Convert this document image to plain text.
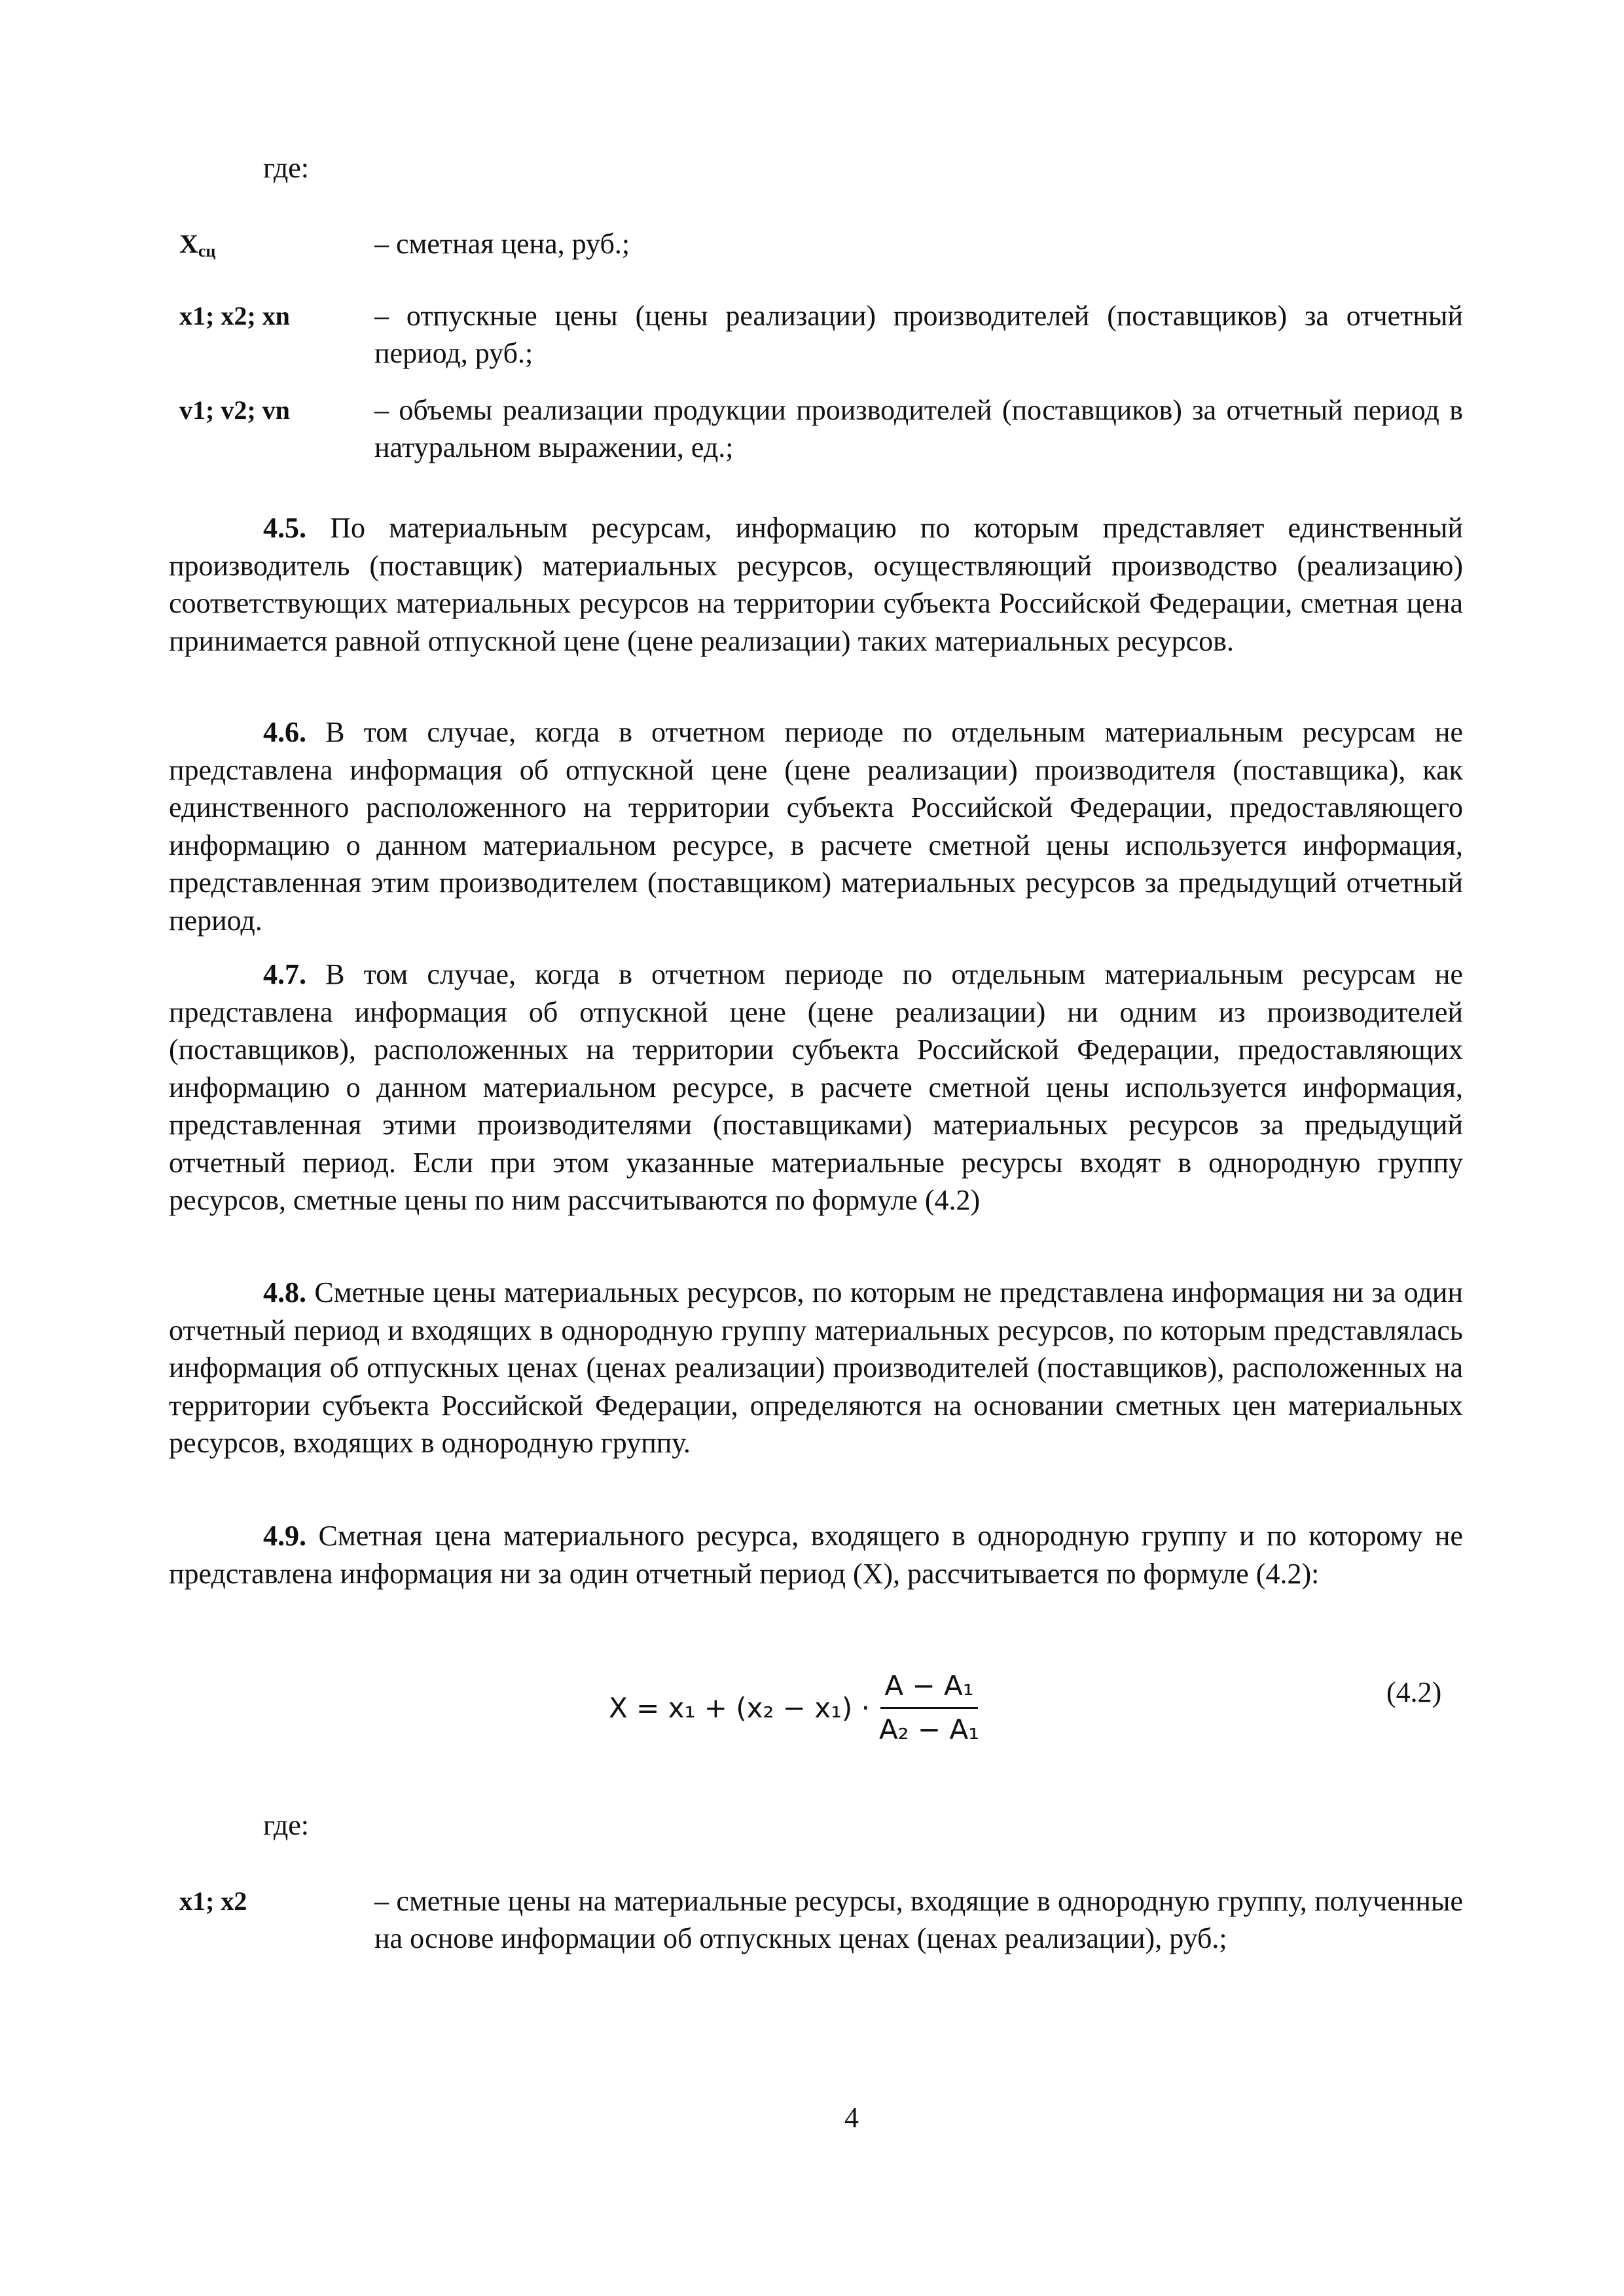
где:

$Х_{сц}$	– сметная цена, руб.;

x1; x2; xn	– отпускные цены (цены реализации) производителей (поставщиков) за отчетный период, руб.;

v1; v2; vn	– объемы реализации продукции производителей (поставщиков) за отчетный период в натуральном выражении, ед.;

4.5. По материальным ресурсам, информацию по которым представляет единственный производитель (поставщик) материальных ресурсов, осуществляющий производство (реализацию) соответствующих материальных ресурсов на территории субъекта Российской Федерации, сметная цена принимается равной отпускной цене (цене реализации) таких материальных ресурсов.

4.6. В том случае, когда в отчетном периоде по отдельным материальным ресурсам не представлена информация об отпускной цене (цене реализации) производителя (поставщика), как единственного расположенного на территории субъекта Российской Федерации, предоставляющего информацию о данном материальном ресурсе, в расчете сметной цены используется информация, представленная этим производителем (поставщиком) материальных ресурсов за предыдущий отчетный период.

4.7. В том случае, когда в отчетном периоде по отдельным материальным ресурсам не представлена информация об отпускной цене (цене реализации) ни одним из производителей (поставщиков), расположенных на территории субъекта Российской Федерации, предоставляющих информацию о данном материальном ресурсе, в расчете сметной цены используется информация, представленная этими производителями (поставщиками) материальных ресурсов за предыдущий отчетный период. Если при этом указанные материальные ресурсы входят в однородную группу ресурсов, сметные цены по ним рассчитываются по формуле (4.2)

4.8. Сметные цены материальных ресурсов, по которым не представлена информация ни за один отчетный период и входящих в однородную группу материальных ресурсов, по которым представлялась информация об отпускных ценах (ценах реализации) производителей (поставщиков), расположенных на территории субъекта Российской Федерации, определяются на основании сметных цен материальных ресурсов, входящих в однородную группу.

4.9. Сметная цена материального ресурса, входящего в однородную группу и по которому не представлена информация ни за один отчетный период (X), рассчитывается по формуле (4.2):

$X = x_1 + (x_2 - x_1) \cdot \frac{\text{A − A₁}}{\text{A₂ − A₁}}$	(4.2)

где:

x1; x2	– сметные цены на материальные ресурсы, входящие в однородную группу, полученные на основе информации об отпускных ценах (ценах реализации), руб.;

4
